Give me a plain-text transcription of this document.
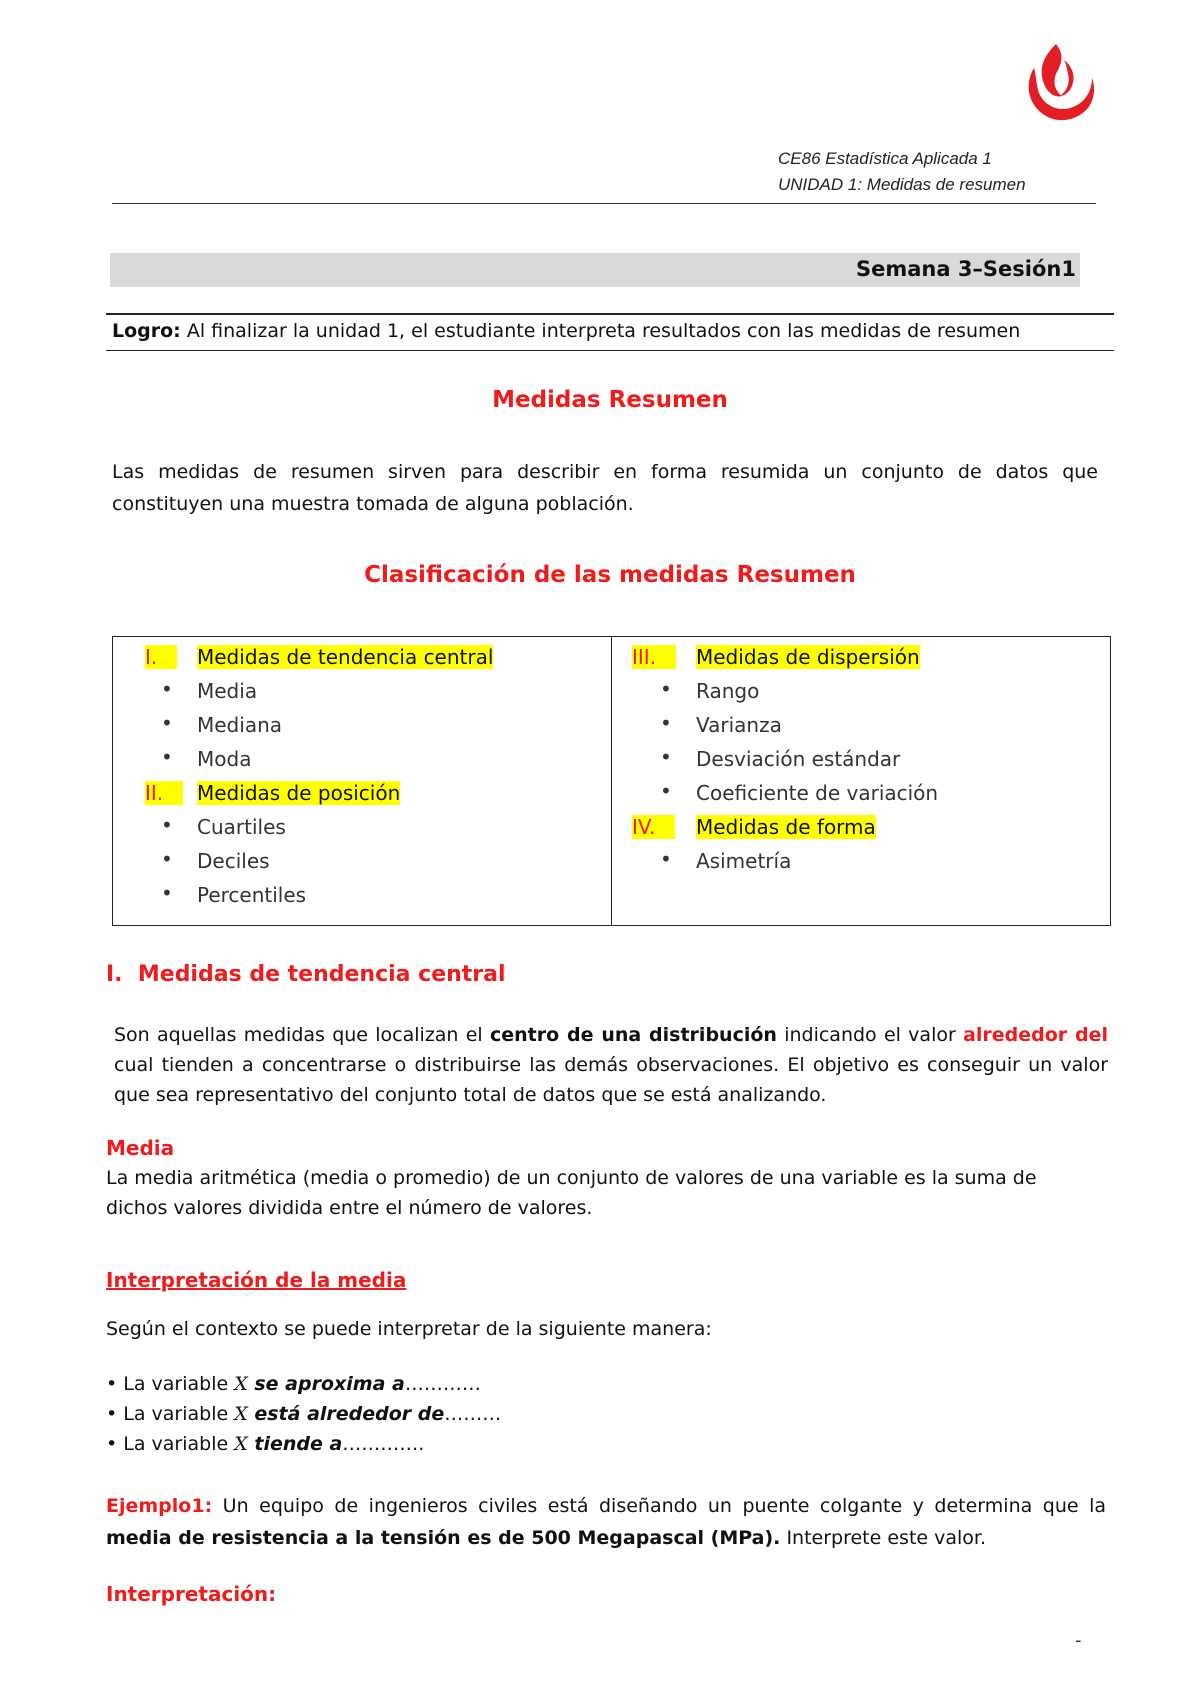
CE86 Estadística Aplicada 1
UNIDAD 1: Medidas de resumen
Semana 3–Sesión1
Logro: Al finalizar la unidad 1, el estudiante interpreta resultados con las medidas de resumen
Medidas Resumen
Las medidas de resumen sirven para describir en forma resumida un conjunto de datos que constituyen una muestra tomada de alguna población.
Clasificación de las medidas Resumen
I.	Medidas de tendencia central
• Media
• Mediana
• Moda
II.	Medidas de posición
• Cuartiles
• Deciles
• Percentiles

III.	Medidas de dispersión
• Rango
• Varianza
• Desviación estándar
• Coeficiente de variación
IV.	Medidas de forma
• Asimetría
I. Medidas de tendencia central
Son aquellas medidas que localizan el centro de una distribución indicando el valor alrededor del cual tienden a concentrarse o distribuirse las demás observaciones. El objetivo es conseguir un valor que sea representativo del conjunto total de datos que se está analizando.
Media
La media aritmética (media o promedio) de un conjunto de valores de una variable es la suma de dichos valores dividida entre el número de valores.
Interpretación de la media
Según el contexto se puede interpretar de la siguiente manera:
• La variable X se aproxima a…………
• La variable X está alrededor de………
• La variable X tiende a………….
Ejemplo1: Un equipo de ingenieros civiles está diseñando un puente colgante y determina que la media de resistencia a la tensión es de 500 Megapascal (MPa). Interprete este valor.
Interpretación:
-
